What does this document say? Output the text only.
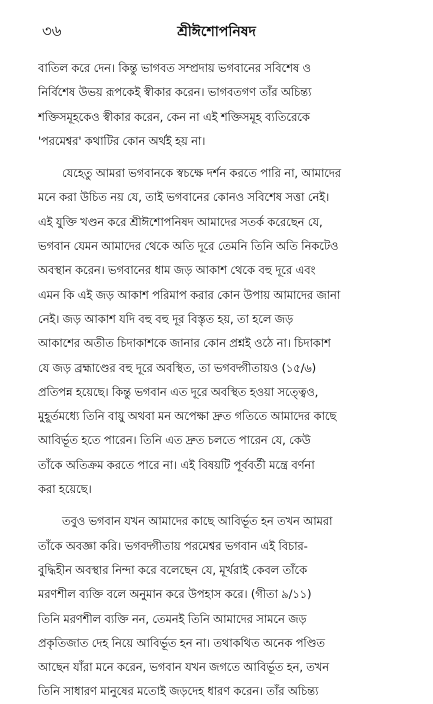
৩৬	শ্রীঈশোপনিষদ
বাতিল করে দেন। কিন্তু ভাগবত সম্প্রদায় ভগবানের সবিশেষ ও
নির্বিশেষ উভয় রূপকেই স্বীকার করেন। ভাগবতগণ তাঁর অচিন্ত্য
শক্তিসমূহকেও স্বীকার করেন, কেন না এই শক্তিসমূহ ব্যতিরেকে
'পরমেশ্বর' কথাটির কোন অর্থই হয় না।
যেহেতু আমরা ভগবানকে স্বচক্ষে দর্শন করতে পারি না, আমাদের
মনে করা উচিত নয় যে, তাই ভগবানের কোনও সবিশেষ সত্তা নেই।
এই যুক্তি খণ্ডন করে শ্রীঈশোপনিষদ আমাদের সতর্ক করেছেন যে,
ভগবান যেমন আমাদের থেকে অতি দূরে তেমনি তিনি অতি নিকটেও
অবস্থান করেন। ভগবানের ধাম জড় আকাশ থেকে বহু দূরে এবং
এমন কি এই জড় আকাশ পরিমাপ করার কোন উপায় আমাদের জানা
নেই। জড় আকাশ যদি বহু বহু দূর বিস্তৃত হয়, তা হলে জড়
আকাশের অতীত চিদাকাশকে জানার কোন প্রশ্নই ওঠে না। চিদাকাশ
যে জড় ব্রহ্মাণ্ডের বহু দূরে অবস্থিত, তা ভগবদ্গীতায়ও (১৫/৬)
প্রতিপন্ন হয়েছে। কিন্তু ভগবান এত দূরে অবস্থিত হওয়া সত্ত্বেও,
মুহূর্তমধ্যে তিনি বায়ু অথবা মন অপেক্ষা দ্রুত গতিতে আমাদের কাছে
আবির্ভূত হতে পারেন। তিনি এত দ্রুত চলতে পারেন যে, কেউ
তাঁকে অতিক্রম করতে পারে না। এই বিষয়টি পূর্ববর্তী মন্ত্রে বর্ণনা
করা হয়েছে।
তবুও ভগবান যখন আমাদের কাছে আবির্ভূত হন তখন আমরা
তাঁকে অবজ্ঞা করি। ভগবদ্গীতায় পরমেশ্বর ভগবান এই বিচার-
বুদ্ধিহীন অবস্থার নিন্দা করে বলেছেন যে, মূর্খরাই কেবল তাঁকে
মরণশীল ব্যক্তি বলে অনুমান করে উপহাস করে। (গীতা ৯/১১)
তিনি মরণশীল ব্যক্তি নন, তেমনই তিনি আমাদের সামনে জড়
প্রকৃতিজাত দেহ নিয়ে আবির্ভূত হন না। তথাকথিত অনেক পণ্ডিত
আছেন যাঁরা মনে করেন, ভগবান যখন জগতে আবির্ভূত হন, তখন
তিনি সাধারণ মানুষের মতোই জড়দেহ ধারণ করেন। তাঁর অচিন্ত্য
